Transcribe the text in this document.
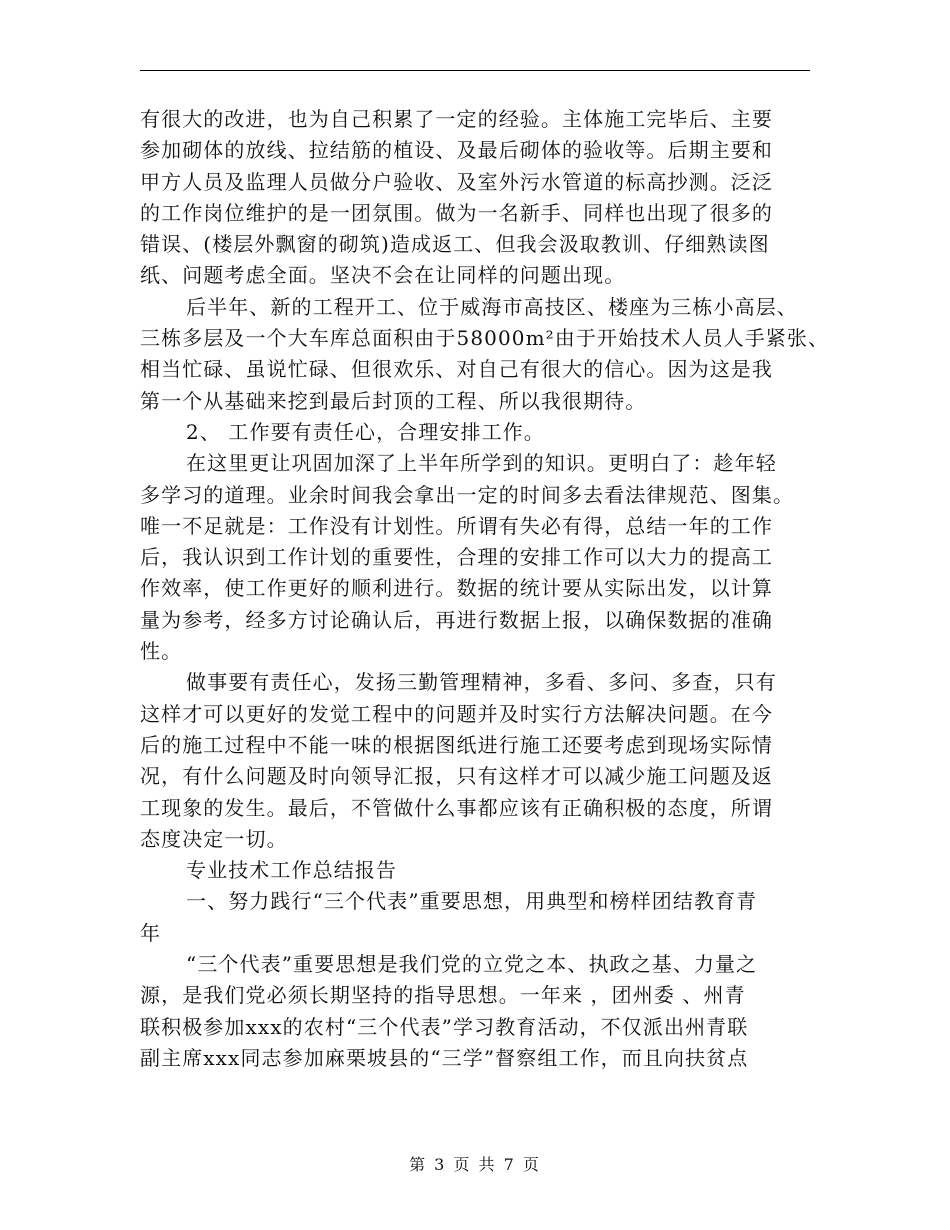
有很大的改进，也为自己积累了一定的经验。主体施工完毕后、主要
参加砌体的放线、拉结筋的植设、及最后砌体的验收等。后期主要和
甲方人员及监理人员做分户验收、及室外污水管道的标高抄测。泛泛
的工作岗位维护的是一团氛围。做为一名新手、同样也出现了很多的
错误、(楼层外飘窗的砌筑)造成返工、但我会汲取教训、仔细熟读图
纸、问题考虑全面。坚决不会在让同样的问题出现。
后半年、新的工程开工、位于威海市高技区、楼座为三栋小高层、
三栋多层及一个大车库总面积由于58000m²由于开始技术人员人手紧张、
相当忙碌、虽说忙碌、但很欢乐、对自己有很大的信心。因为这是我
第一个从基础来挖到最后封顶的工程、所以我很期待。
2、 工作要有责任心，合理安排工作。
在这里更让巩固加深了上半年所学到的知识。更明白了：趁年轻
多学习的道理。业余时间我会拿出一定的时间多去看法律规范、图集。
唯一不足就是：工作没有计划性。所谓有失必有得，总结一年的工作
后，我认识到工作计划的重要性，合理的安排工作可以大力的提高工
作效率，使工作更好的顺利进行。数据的统计要从实际出发，以计算
量为参考，经多方讨论确认后，再进行数据上报，以确保数据的准确
性。
做事要有责任心，发扬三勤管理精神，多看、多问、多查，只有
这样才可以更好的发觉工程中的问题并及时实行方法解决问题。在今
后的施工过程中不能一味的根据图纸进行施工还要考虑到现场实际情
况，有什么问题及时向领导汇报，只有这样才可以减少施工问题及返
工现象的发生。最后，不管做什么事都应该有正确积极的态度，所谓
态度决定一切。
专业技术工作总结报告
一、努力践行“三个代表”重要思想，用典型和榜样团结教育青
年
“三个代表”重要思想是我们党的立党之本、执政之基、力量之
源，是我们党必须长期坚持的指导思想。一年来 ，团州委 、州青
联积极参加xxx的农村“三个代表”学习教育活动，不仅派出州青联
副主席xxx同志参加麻栗坡县的“三学”督察组工作，而且向扶贫点
第 3 页 共 7 页
